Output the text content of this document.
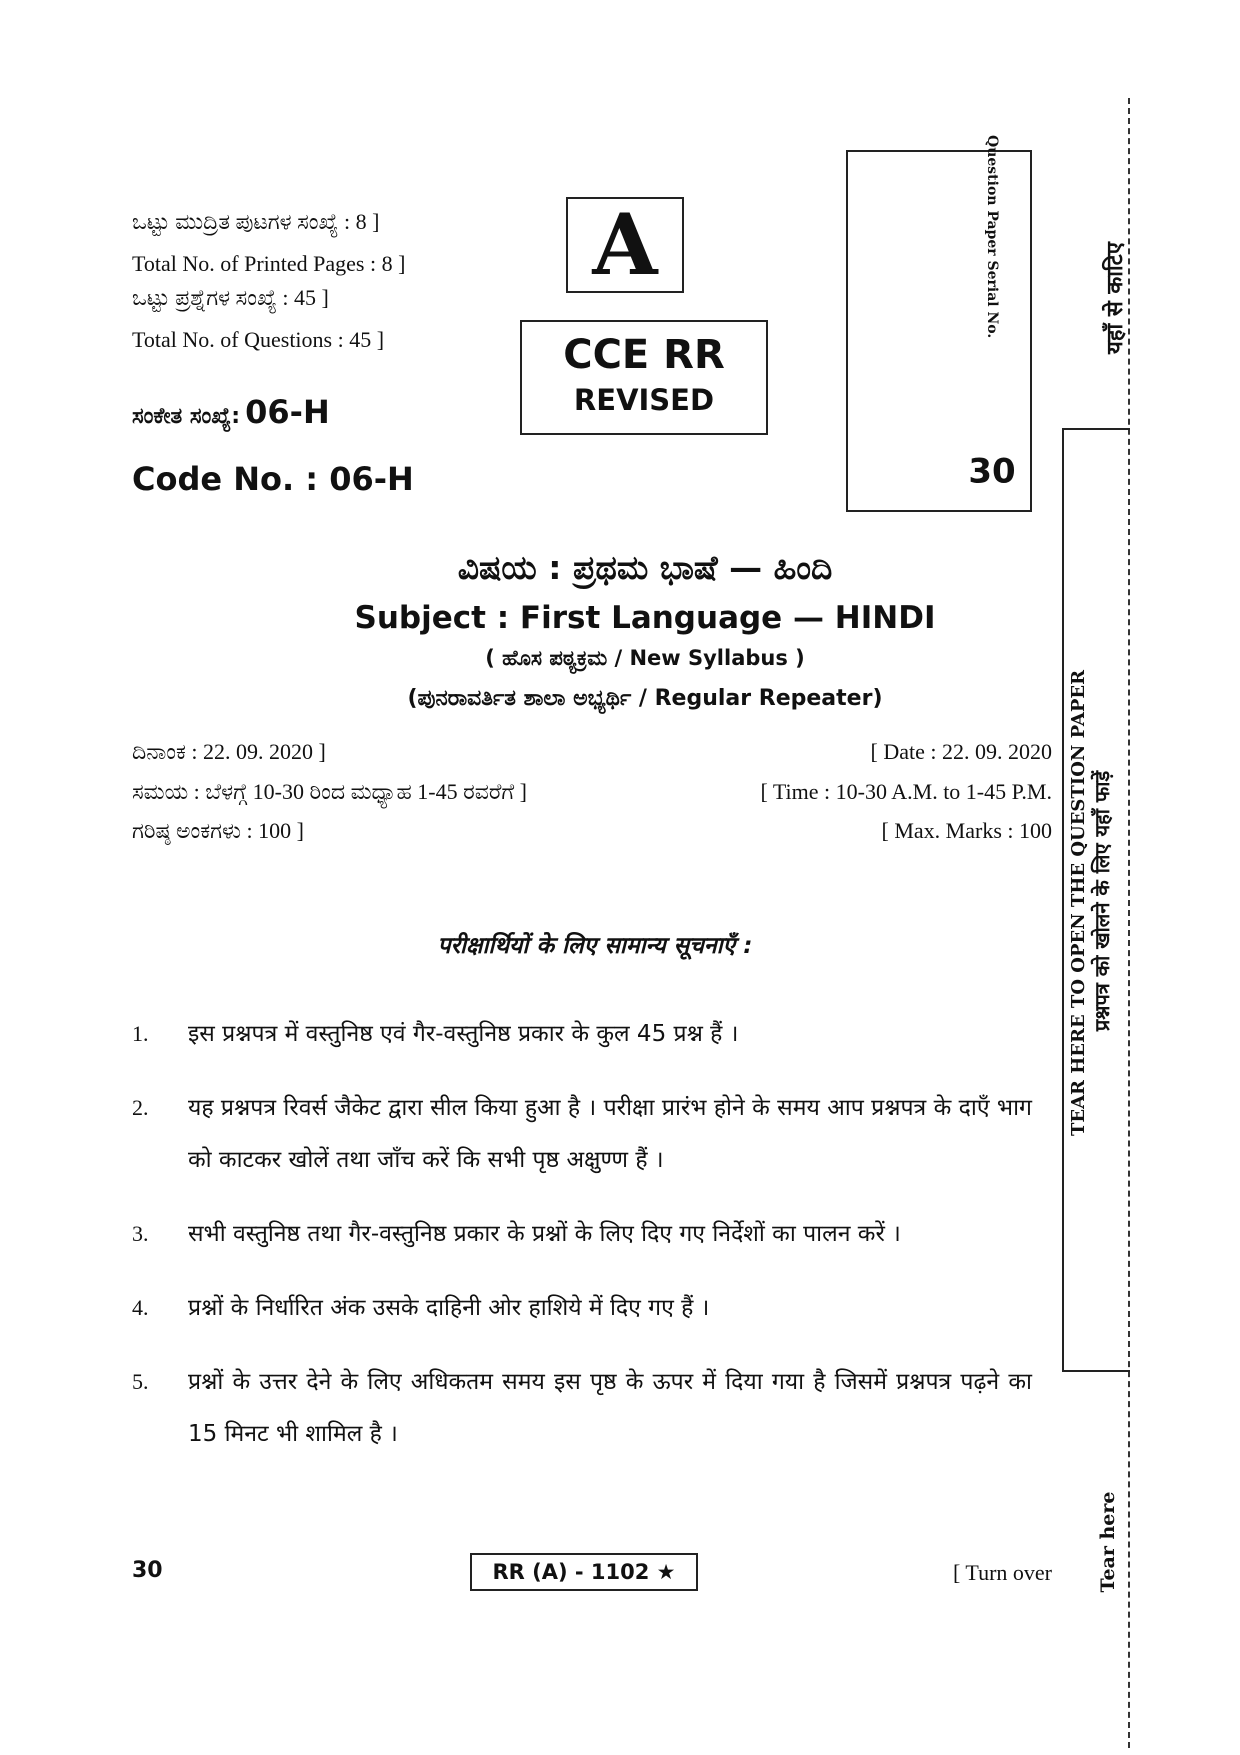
ಒಟ್ಟು ಮುದ್ರಿತ ಪುಟಗಳ ಸಂಖ್ಯೆ : 8 ]
Total No. of Printed Pages : 8 ]
ಒಟ್ಟು ಪ್ರಶ್ನೆಗಳ ಸಂಖ್ಯೆ : 45 ]
Total No. of Questions : 45 ]
ಸಂಕೇತ ಸಂಖ್ಯೆ: 06-H
Code No. : 06-H
A
CCE RR
REVISED
Question Paper Serial No.
30
यहाँ से काटिए
TEAR HERE TO OPEN THE QUESTION PAPER प्रश्नपत्र को खोलने के लिए यहाँ फाड़ें
Tear here
ವಿಷಯ : ಪ್ರಥಮ ಭಾಷೆ — ಹಿಂದಿ
Subject : First Language — HINDI
( ಹೊಸ ಪಠ್ಯಕ್ರಮ / New Syllabus )
(ಪುನರಾವರ್ತಿತ ಶಾಲಾ ಅಭ್ಯರ್ಥಿ / Regular Repeater)
ದಿನಾಂಕ : 22. 09. 2020 ]	[ Date : 22. 09. 2020
ಸಮಯ : ಬೆಳಗ್ಗೆ 10-30 ರಿಂದ ಮಧ್ಯಾಹ 1-45 ರವರೆಗೆ ]	[ Time : 10-30 A.M. to 1-45 P.M.
ಗರಿಷ್ಠ ಅಂಕಗಳು : 100 ]	[ Max. Marks : 100
परीक्षार्थियों के लिए सामान्य सूचनाएँ :
1.	इस प्रश्नपत्र में वस्तुनिष्ठ एवं गैर-वस्तुनिष्ठ प्रकार के कुल 45 प्रश्न हैं ।
2.	यह प्रश्नपत्र रिवर्स जैकेट द्वारा सील किया हुआ है । परीक्षा प्रारंभ होने के समय आप प्रश्नपत्र के दाएँ भाग को काटकर खोलें तथा जाँच करें कि सभी पृष्ठ अक्षुण्ण हैं ।
3.	सभी वस्तुनिष्ठ तथा गैर-वस्तुनिष्ठ प्रकार के प्रश्नों के लिए दिए गए निर्देशों का पालन करें ।
4.	प्रश्नों के निर्धारित अंक उसके दाहिनी ओर हाशिये में दिए गए हैं ।
5.	प्रश्नों के उत्तर देने के लिए अधिकतम समय इस पृष्ठ के ऊपर में दिया गया है जिसमें प्रश्नपत्र पढ़ने का 15 मिनट भी शामिल है ।
30	RR (A) - 1102 ★	[ Turn over
